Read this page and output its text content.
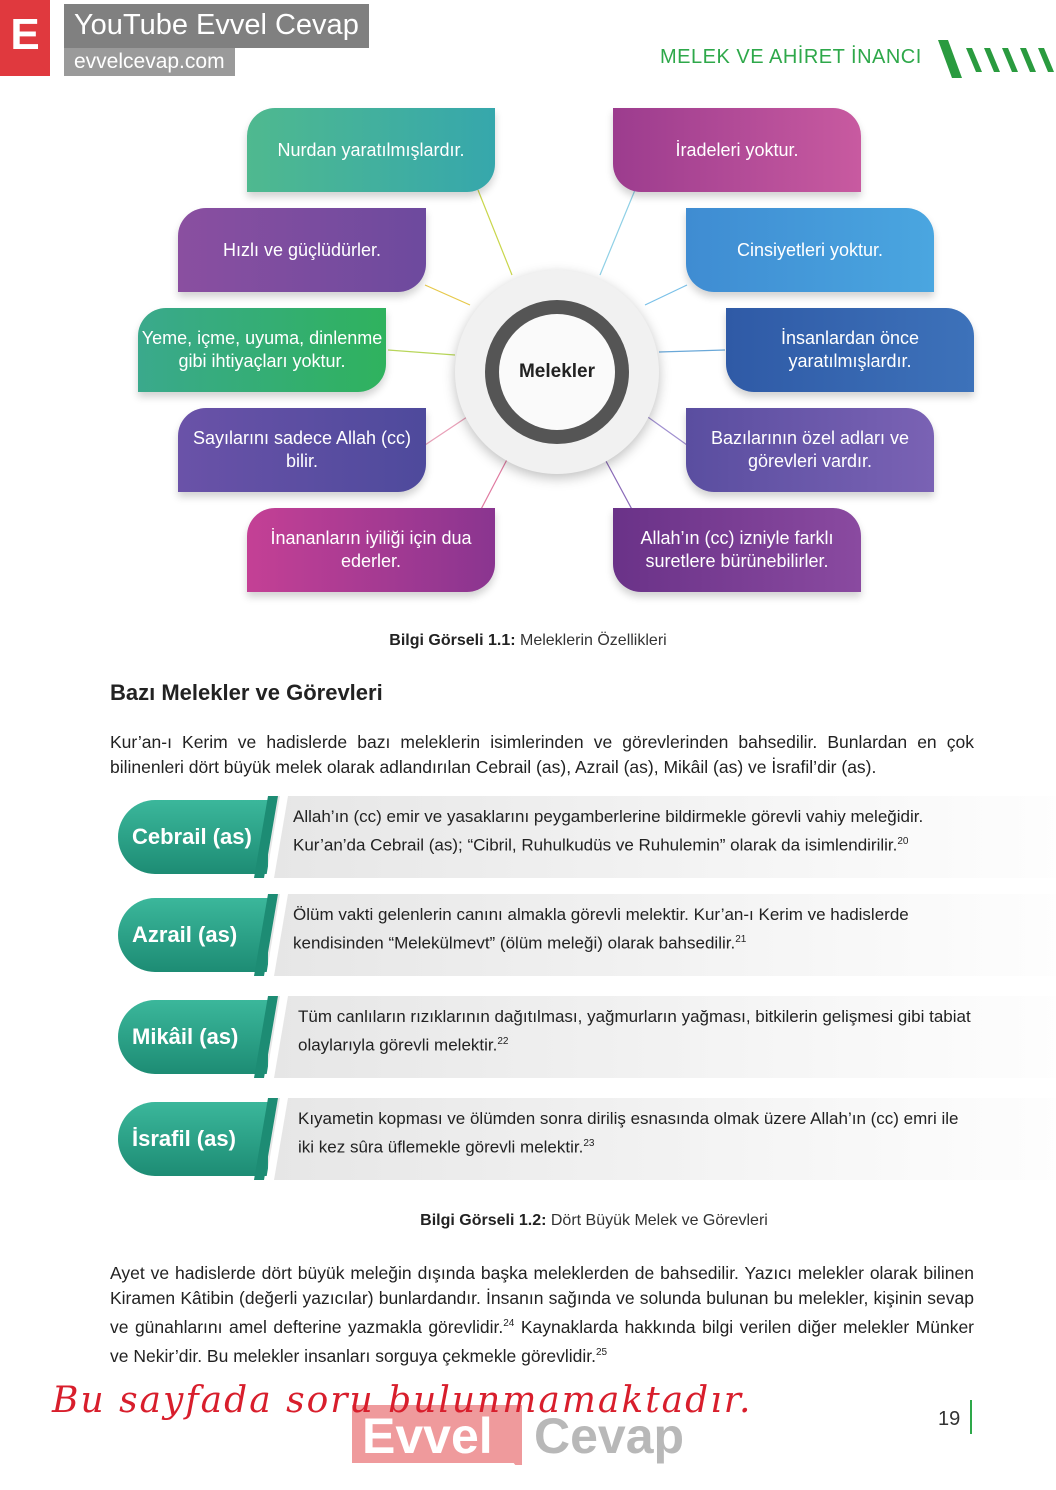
E	YouTube Evvel Cevap
evvelcevap.com	MELEK VE AHİRET İNANCI
Nurdan yaratılmışlardır.
Hızlı ve güçlüdürler.
Yeme, içme, uyuma, dinlenme gibi ihtiyaçları yoktur.
Sayılarını sadece Allah (cc) bilir.
İnananların iyiliği için dua ederler.
İradeleri yoktur.
Cinsiyetleri yoktur.
İnsanlardan önce yaratılmışlardır.
Bazılarının özel adları ve görevleri vardır.
Allah’ın (cc) izniyle farklı suretlere bürünebilirler.
Melekler
Bilgi Görseli 1.1: Meleklerin Özellikleri
Bazı Melekler ve Görevleri
Kur’an-ı Kerim ve hadislerde bazı meleklerin isimlerinden ve görevlerinden bahsedilir. Bunlardan en çok bilinenleri dört büyük melek olarak adlandırılan Cebrail (as), Azrail (as), Mikâil (as) ve İsrafil’dir (as).
Cebrail (as)
Allah’ın (cc) emir ve yasaklarını peygamberlerine bildirmekle görevli vahiy meleğidir. Kur’an’da Cebrail (as); “Cibril, Ruhulkudüs ve Ruhulemin” olarak da isimlendirilir.$^{20}$
Azrail (as)
Ölüm vakti gelenlerin canını almakla görevli melektir. Kur’an-ı Kerim ve hadislerde kendisinden “Melekülmevt” (ölüm meleği) olarak bahsedilir.$^{21}$
Mikâil (as)
Tüm canlıların rızıklarının dağıtılması, yağmurların yağması, bitkilerin gelişmesi gibi tabiat olaylarıyla görevli melektir.$^{22}$
İsrafil (as)
Kıyametin kopması ve ölümden sonra diriliş esnasında olmak üzere Allah’ın (cc) emri ile iki kez sûra üflemekle görevli melektir.$^{23}$
Bilgi Görseli 1.2: Dört Büyük Melek ve Görevleri
Ayet ve hadislerde dört büyük meleğin dışında başka meleklerden de bahsedilir. Yazıcı melekler olarak bilinen Kiramen Kâtibin (değerli yazıcılar) bunlardandır. İnsanın sağında ve solunda bulunan bu melekler, kişinin sevap ve günahlarını amel defterine yazmakla görevlidir.$^{24}$ Kaynaklarda hakkında bilgi verilen diğer melekler Münker ve Nekir’dir. Bu melekler insanları sorguya çekmekle görevlidir.$^{25}$
Evvel Cevap
Bu sayfada soru bulunmamaktadır.	19
